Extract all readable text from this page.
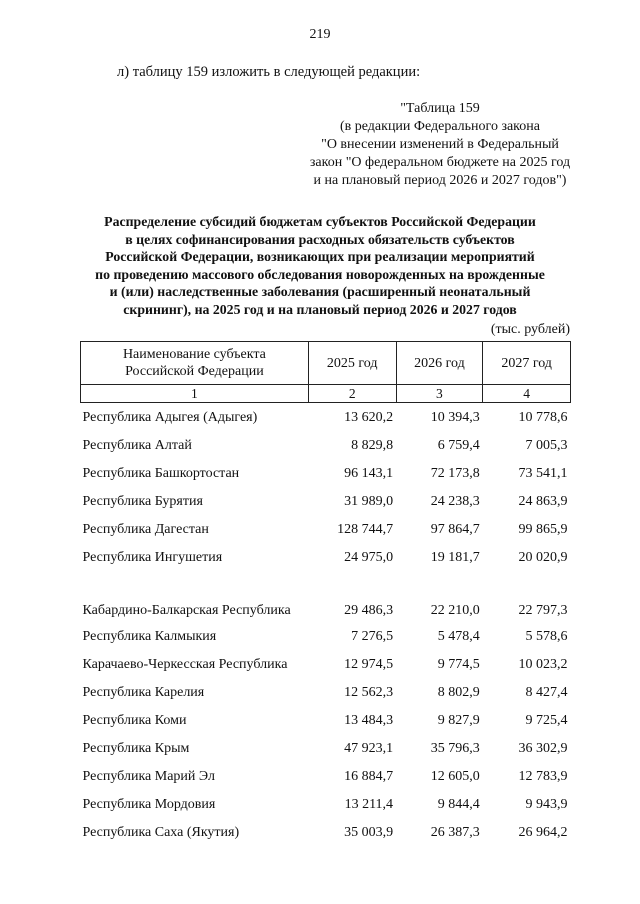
219
л) таблицу 159 изложить в следующей редакции:
"Таблица 159
(в редакции Федерального закона
"О внесении изменений в Федеральный
закон "О федеральном бюджете на 2025 год
и на плановый период 2026 и 2027 годов")
Распределение субсидий бюджетам субъектов Российской Федерации
в целях софинансирования расходных обязательств субъектов
Российской Федерации, возникающих при реализации мероприятий
по проведению массового обследования новорожденных на врожденные
и (или) наследственные заболевания (расширенный неонатальный
скрининг), на 2025 год и на плановый период 2026 и 2027 годов
(тыс. рублей)
Наименование субъекта
Российской Федерации	2025 год	2026 год	2027 год
1	2	3	4
Республика Адыгея (Адыгея)	13 620,2	10 394,3	10 778,6
Республика Алтай	8 829,8	6 759,4	7 005,3
Республика Башкортостан	96 143,1	72 173,8	73 541,1
Республика Бурятия	31 989,0	24 238,3	24 863,9
Республика Дагестан	128 744,7	97 864,7	99 865,9
Республика Ингушетия	24 975,0	19 181,7	20 020,9
Кабардино-Балкарская Республика	29 486,3	22 210,0	22 797,3
Республика Калмыкия	7 276,5	5 478,4	5 578,6
Карачаево-Черкесская Республика	12 974,5	9 774,5	10 023,2
Республика Карелия	12 562,3	8 802,9	8 427,4
Республика Коми	13 484,3	9 827,9	9 725,4
Республика Крым	47 923,1	35 796,3	36 302,9
Республика Марий Эл	16 884,7	12 605,0	12 783,9
Республика Мордовия	13 211,4	9 844,4	9 943,9
Республика Саха (Якутия)	35 003,9	26 387,3	26 964,2
